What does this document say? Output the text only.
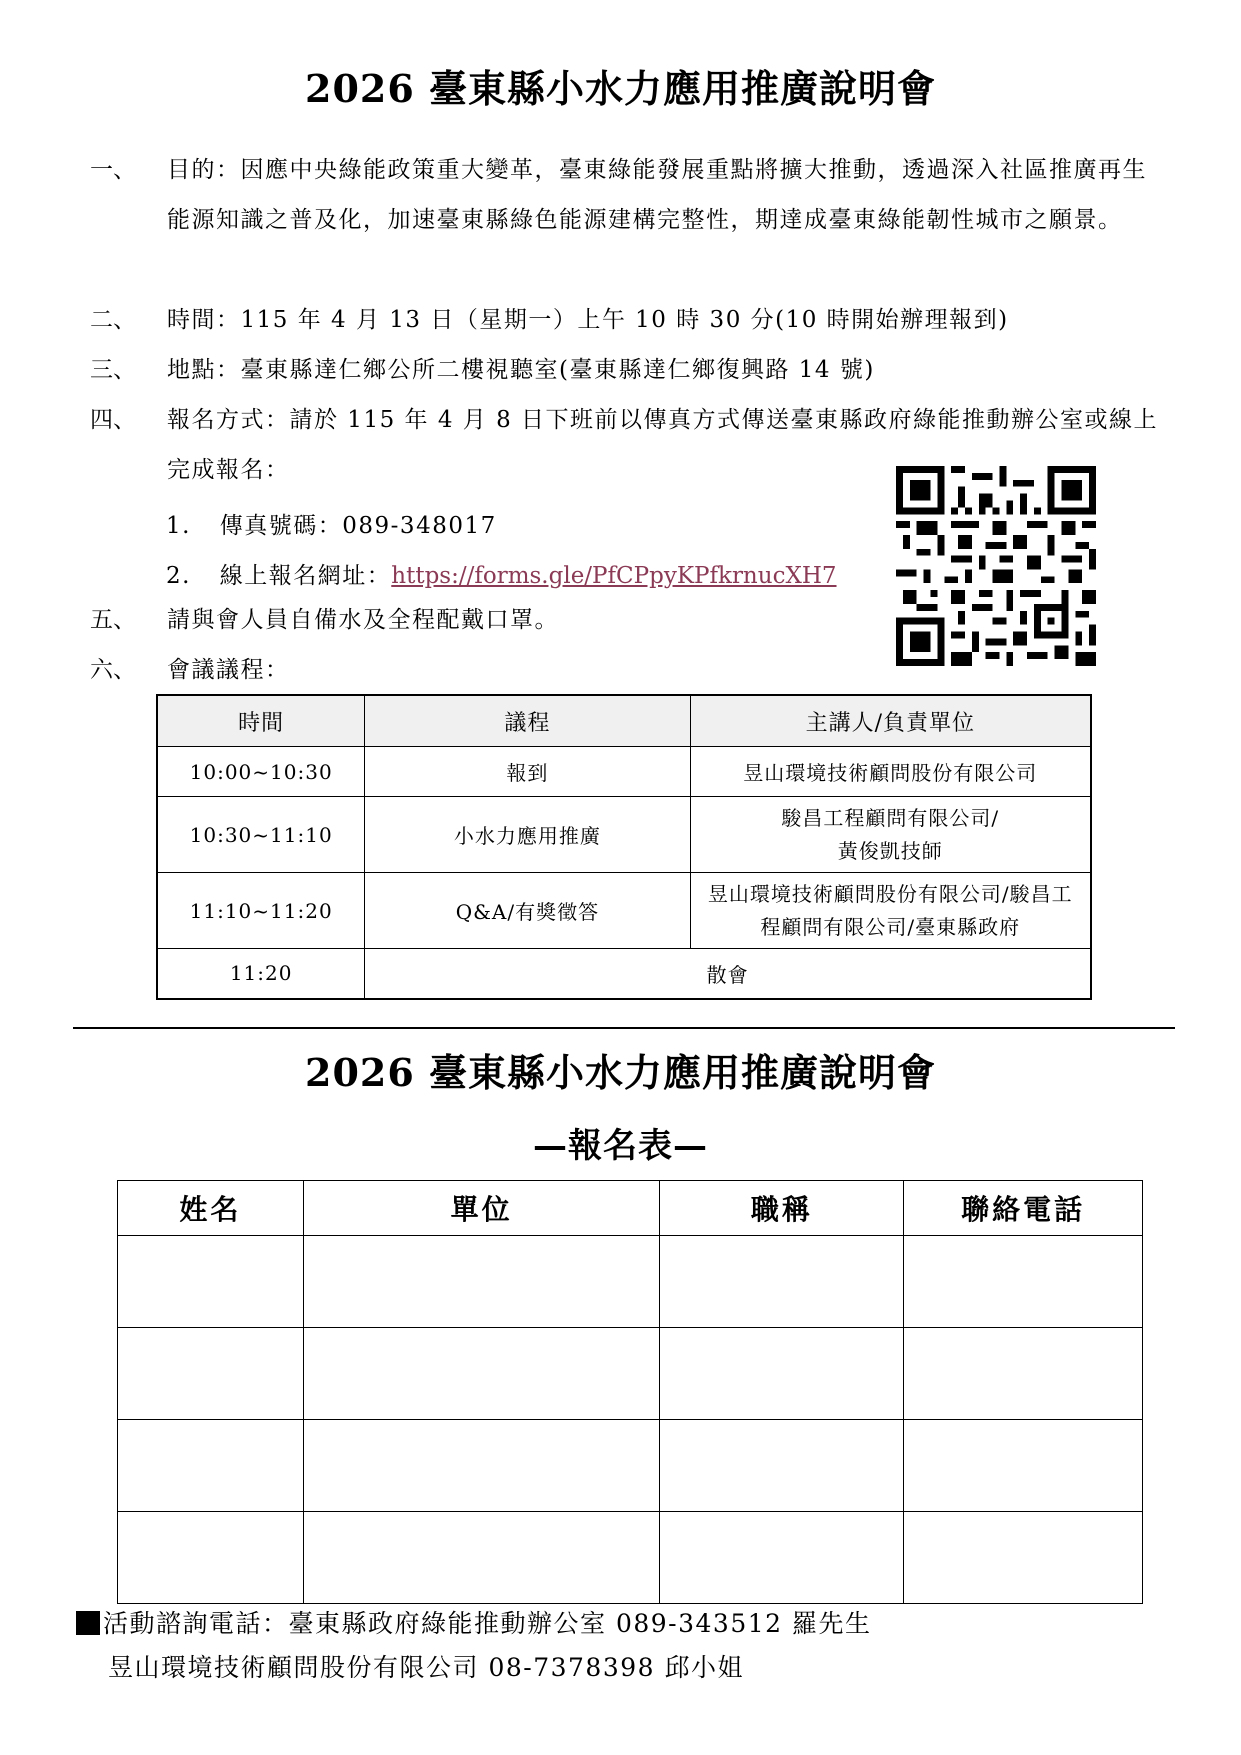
2026 臺東縣小水力應用推廣說明會
一、	目的：因應中央綠能政策重大變革，臺東綠能發展重點將擴大推動，透過深入社區推廣再生能源知識之普及化，加速臺東縣綠色能源建構完整性，期達成臺東綠能韌性城市之願景。
二、	時間：115 年 4 月 13 日（星期一）上午 10 時 30 分(10 時開始辦理報到)
三、	地點：臺東縣達仁鄉公所二樓視聽室(臺東縣達仁鄉復興路 14 號)
四、	報名方式：請於 115 年 4 月 8 日下班前以傳真方式傳送臺東縣政府綠能推動辦公室或線上完成報名：
1. 傳真號碼：089-348017
2. 線上報名網址：https://forms.gle/PfCPpyKPfkrnucXH7
五、	請與會人員自備水及全程配戴口罩。
六、	會議議程：
時間	議程	主講人/負責單位
10:00~10:30	報到	昱山環境技術顧問股份有限公司
10:30~11:10	小水力應用推廣	駿昌工程顧問有限公司/
黃俊凱技師

11:10~11:20	Q&A/有獎徵答	昱山環境技術顧問股份有限公司/駿昌工
程顧問有限公司/臺東縣政府

11:20	散會	
2026 臺東縣小水力應用推廣說明會
—報名表—
姓名	單位	職稱	聯絡電話

活動諮詢電話：臺東縣政府綠能推動辦公室 089-343512 羅先生
昱山環境技術顧問股份有限公司 08-7378398 邱小姐
